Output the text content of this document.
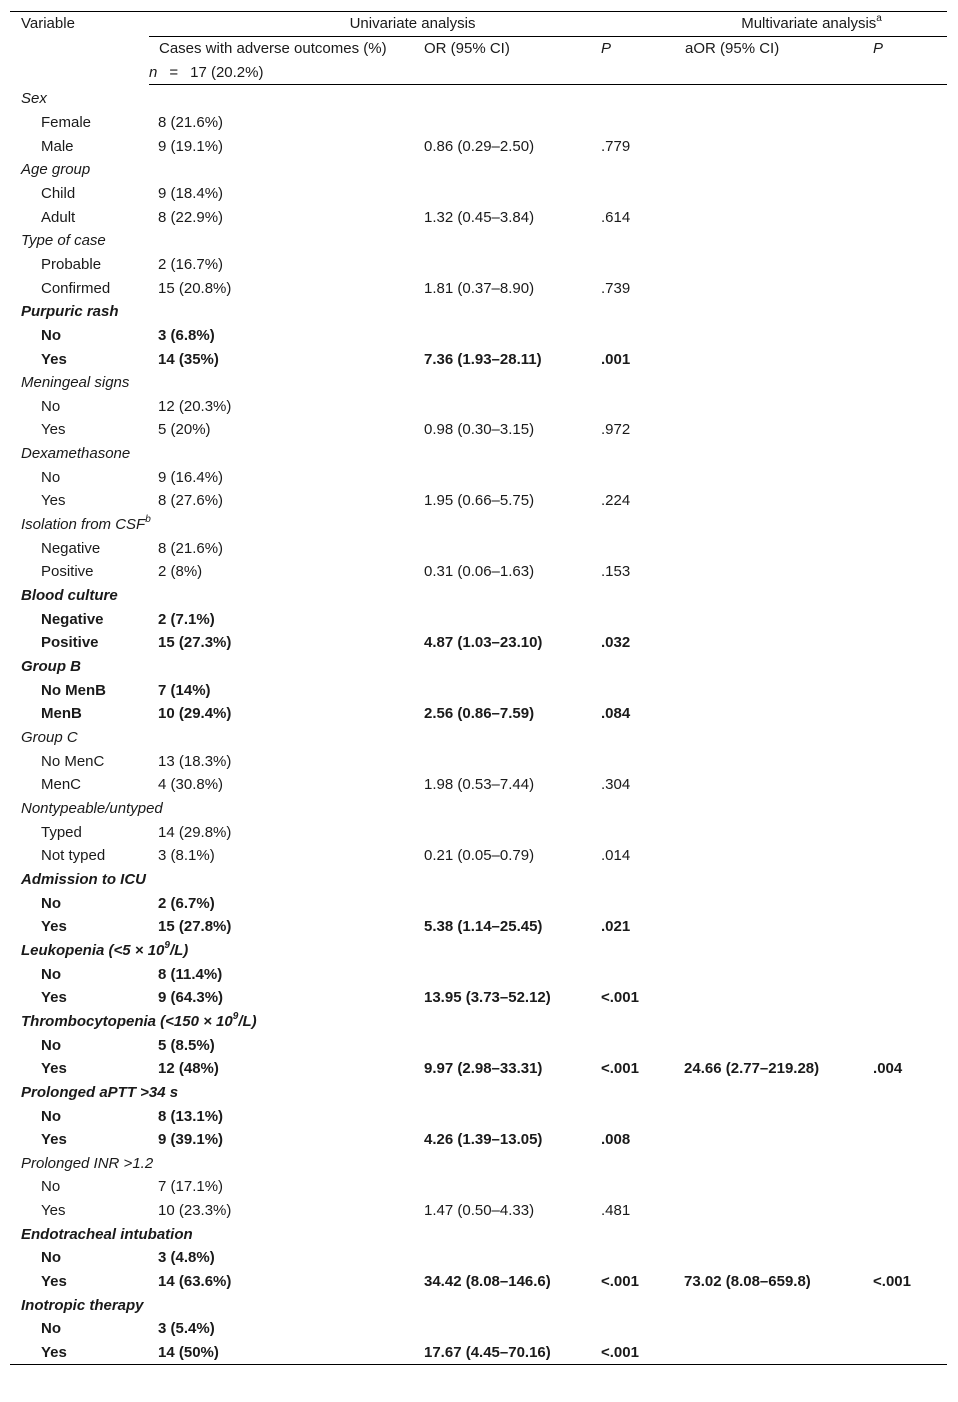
Variable	Univariate analysis			Multivariate analysis$^a$
	Cases with adverse outcomes (%)	OR (95% CI)	P	aOR (95% CI)	P
	n = 17 (20.2%)				
Sex					
Female	8 (21.6%)				
Male	9 (19.1%)	0.86 (0.29–2.50)	.779		
Age group					
Child	9 (18.4%)				
Adult	8 (22.9%)	1.32 (0.45–3.84)	.614		
Type of case					
Probable	2 (16.7%)				
Confirmed	15 (20.8%)	1.81 (0.37–8.90)	.739		
Purpuric rash					
No	3 (6.8%)				
Yes	14 (35%)	7.36 (1.93–28.11)	.001		
Meningeal signs					
No	12 (20.3%)				
Yes	5 (20%)	0.98 (0.30–3.15)	.972		
Dexamethasone					
No	9 (16.4%)				
Yes	8 (27.6%)	1.95 (0.66–5.75)	.224		
Isolation from CSF$^b$
Negative	8 (21.6%)				
Positive	2 (8%)	0.31 (0.06–1.63)	.153		
Blood culture					
Negative	2 (7.1%)				
Positive	15 (27.3%)	4.87 (1.03–23.10)	.032		
Group B					
No MenB	7 (14%)				
MenB	10 (29.4%)	2.56 (0.86–7.59)	.084		
Group C					
No MenC	13 (18.3%)				
MenC	4 (30.8%)	1.98 (0.53–7.44)	.304		
Nontypeable/untyped					
Typed	14 (29.8%)				
Not typed	3 (8.1%)	0.21 (0.05–0.79)	.014		
Admission to ICU					
No	2 (6.7%)				
Yes	15 (27.8%)	5.38 (1.14–25.45)	.021		
Leukopenia $(<5 \times 10^9/L)$					
No	8 (11.4%)				
Yes	9 (64.3%)	13.95 (3.73–52.12)	<.001		
Thrombocytopenia $(<150 \times 10^9/L)$					
No	5 (8.5%)				
Yes	12 (48%)	9.97 (2.98–33.31)	<.001	24.66 (2.77–219.28)	.004
Prolonged aPTT >34 s					
No	8 (13.1%)				
Yes	9 (39.1%)	4.26 (1.39–13.05)	.008		
Prolonged INR >1.2					
No	7 (17.1%)				
Yes	10 (23.3%)	1.47 (0.50–4.33)	.481		
Endotracheal intubation					
No	3 (4.8%)				
Yes	14 (63.6%)	34.42 (8.08–146.6)	<.001	73.02 (8.08–659.8)	<.001
Inotropic therapy					
No	3 (5.4%)				
Yes	14 (50%)	17.67 (4.45–70.16)	<.001		
